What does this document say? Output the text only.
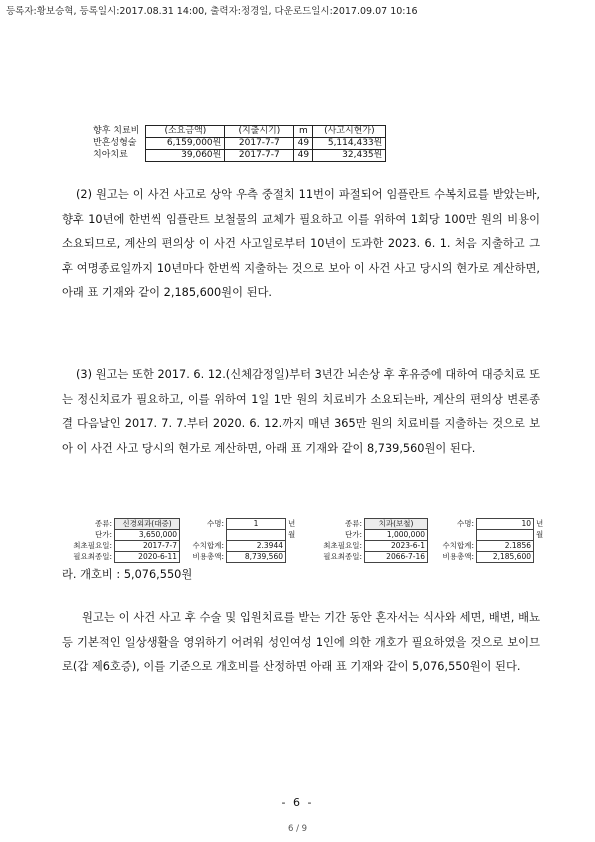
등록자:황보승혁, 등록일시:2017.08.31 14:00, 출력자:정경일, 다운로드일시:2017.09.07 10:16
향후 치료비	(소요금액)	(지출시기)	m	(사고시현가)
반흔성형술	6,159,000원	2017-7-7	49	5,114,433원
치아치료	39,060원	2017-7-7	49	32,435원
(2) 원고는 이 사건 사고로 상악 우측 중절치 11번이 파절되어 임플란트 수복치료를 받았는바, 향후 10년에 한번씩 임플란트 보철물의 교체가 필요하고 이를 위하여 1회당 100만 원의 비용이 소요되므로, 계산의 편의상 이 사건 사고일로부터 10년이 도과한 2023. 6. 1. 처음 지출하고 그후 여명종료일까지 10년마다 한번씩 지출하는 것으로 보아 이 사건 사고 당시의 현가로 계산하면, 아래 표 기재와 같이 2,185,600원이 된다.
(3) 원고는 또한 2017. 6. 12.(신체감정일)부터 3년간 뇌손상 후 후유증에 대하여 대증치료 또는 정신치료가 필요하고, 이를 위하여 1일 1만 원의 치료비가 소요되는바, 계산의 편의상 변론종결 다음날인 2017. 7. 7.부터 2020. 6. 12.까지 매년 365만 원의 치료비를 지출하는 것으로 보아 이 사건 사고 당시의 현가로 계산하면, 아래 표 기재와 같이 8,739,560원이 된다.
종류:	신경외과(대증)	수명:	1	년
단가:	3,650,000			월
최초필요일:	2017-7-7	수치합계:	2.3944	
필요최종일:	2020-6-11	비용총액:	8,739,560	
종류:	치과(보철)	수명:	10	년
단가:	1,000,000			월
최초필요일:	2023-6-1	수치합계:	2.1856	
필요최종일:	2066-7-16	비용총액:	2,185,600	
라. 개호비 : 5,076,550원
원고는 이 사건 사고 후 수술 및 입원치료를 받는 기간 동안 혼자서는 식사와 세면, 배변, 배뇨 등 기본적인 일상생활을 영위하기 어려워 성인여성 1인에 의한 개호가 필요하였을 것으로 보이므로(갑 제6호증), 이를 기준으로 개호비를 산정하면 아래 표 기재와 같이 5,076,550원이 된다.
- 6 -
6 / 9
